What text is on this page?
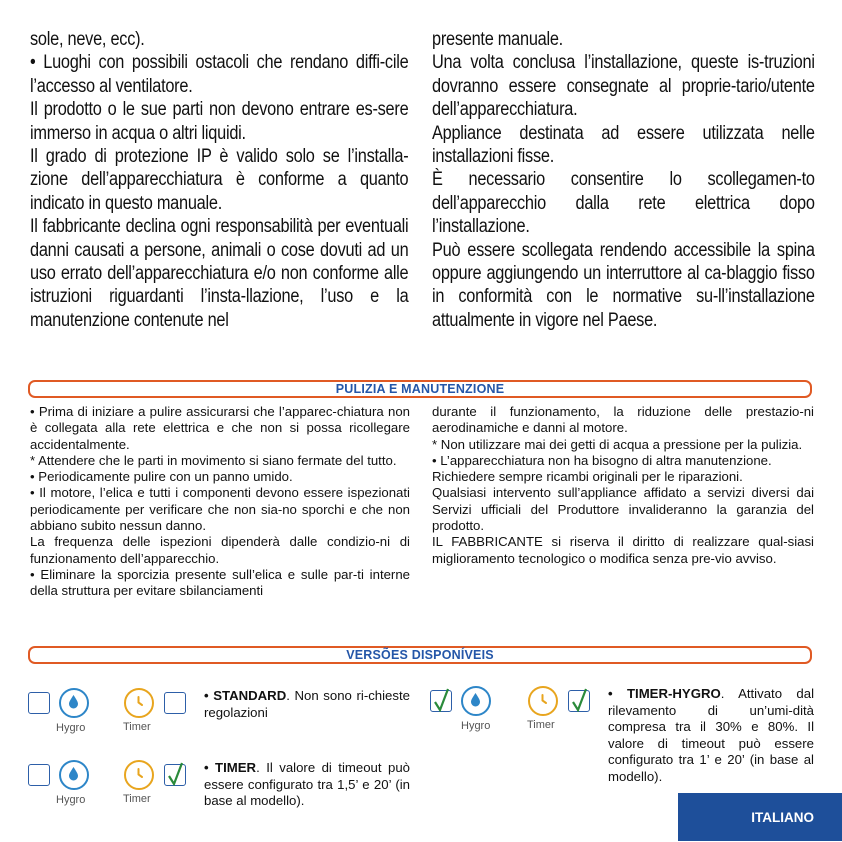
sole, neve, ecc).

• Luoghi con possibili ostacoli che rendano diffi-cile l’accesso al ventilatore.

Il prodotto o le sue parti non devono entrare es-sere immerso in acqua o altri liquidi.

Il grado di protezione IP è valido solo se l’installa-zione dell’apparecchiatura è conforme a quanto indicato in questo manuale.

Il fabbricante declina ogni responsabilità per eventuali danni causati a persone, animali o cose dovuti ad un uso errato dell’apparecchiatura e/o non conforme alle istruzioni riguardanti l’insta-llazione, l’uso e la manutenzione contenute nel

presente manuale.

Una volta conclusa l’installazione, queste is-truzioni dovranno essere consegnate al proprie-tario/utente dell’apparecchiatura.

Appliance destinata ad essere utilizzata nelle installazioni fisse.

È necessario consentire lo scollegamen-to dell’apparecchio dalla rete elettrica dopo l’installazione.

Può essere scollegata rendendo accessibile la spina oppure aggiungendo un interruttore al ca-blaggio fisso in conformità con le normative su-ll’installazione attualmente in vigore nel Paese.

PULIZIA E MANUTENZIONE

• Prima di iniziare a pulire assicurarsi che l’apparec-chiatura non è collegata alla rete elettrica e che non si possa ricollegare accidentalmente.

* Attendere che le parti in movimento si siano fermate del tutto.

• Periodicamente pulire con un panno umido.

• Il motore, l’elica e tutti i componenti devono essere ispezionati periodicamente per verificare che non sia-no sporchi e che non abbiano subito nessun danno.

La frequenza delle ispezioni dipenderà dalle condizio-ni di funzionamento dell’apparecchio.

• Eliminare la sporcizia presente sull’elica e sulle par-ti interne della struttura per evitare sbilanciamenti

durante il funzionamento, la riduzione delle prestazio-ni aerodinamiche e danni al motore.

* Non utilizzare mai dei getti di acqua a pressione per la pulizia.

• L’apparecchiatura non ha bisogno di altra manutenzione.

Richiedere sempre ricambi originali per le riparazioni.

Qualsiasi intervento sull’appliance affidato a servizi diversi dai Servizi ufficiali del Produttore invalideranno la garanzia del prodotto.

IL FABBRICANTE si riserva il diritto di realizzare qual-siasi miglioramento tecnologico o modifica senza pre-vio avviso.

VERSÕES DISPONÍVEIS
Hygro	Timer
• STANDARD. Non sono ri-chieste regolazioni
Hygro	Timer
• TIMER. Il valore di timeout può essere configurato tra 1,5’ e 20’ (in base al modello).
Hygro	Timer
• TIMER-HYGRO. Attivato dal rilevamento di un’umi-dità compresa tra il 30% e 80%. Il valore di timeout può essere configurato tra 1’ e 20’ (in base al modello).
ITALIANO
